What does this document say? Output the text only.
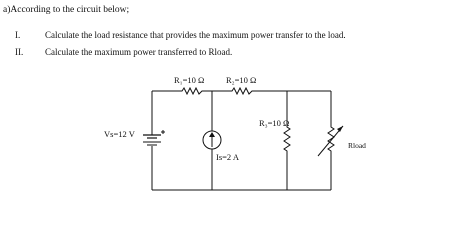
a)According to the circuit below;
I.	Calculate the load resistance that provides the maximum power transfer to the load.
II. Calculate the maximum power transferred to Rload.
R₁=10 Ω	R₂=10 Ω
R₃=10 Ω
Vs=12 V
Is=2 A
Rload
